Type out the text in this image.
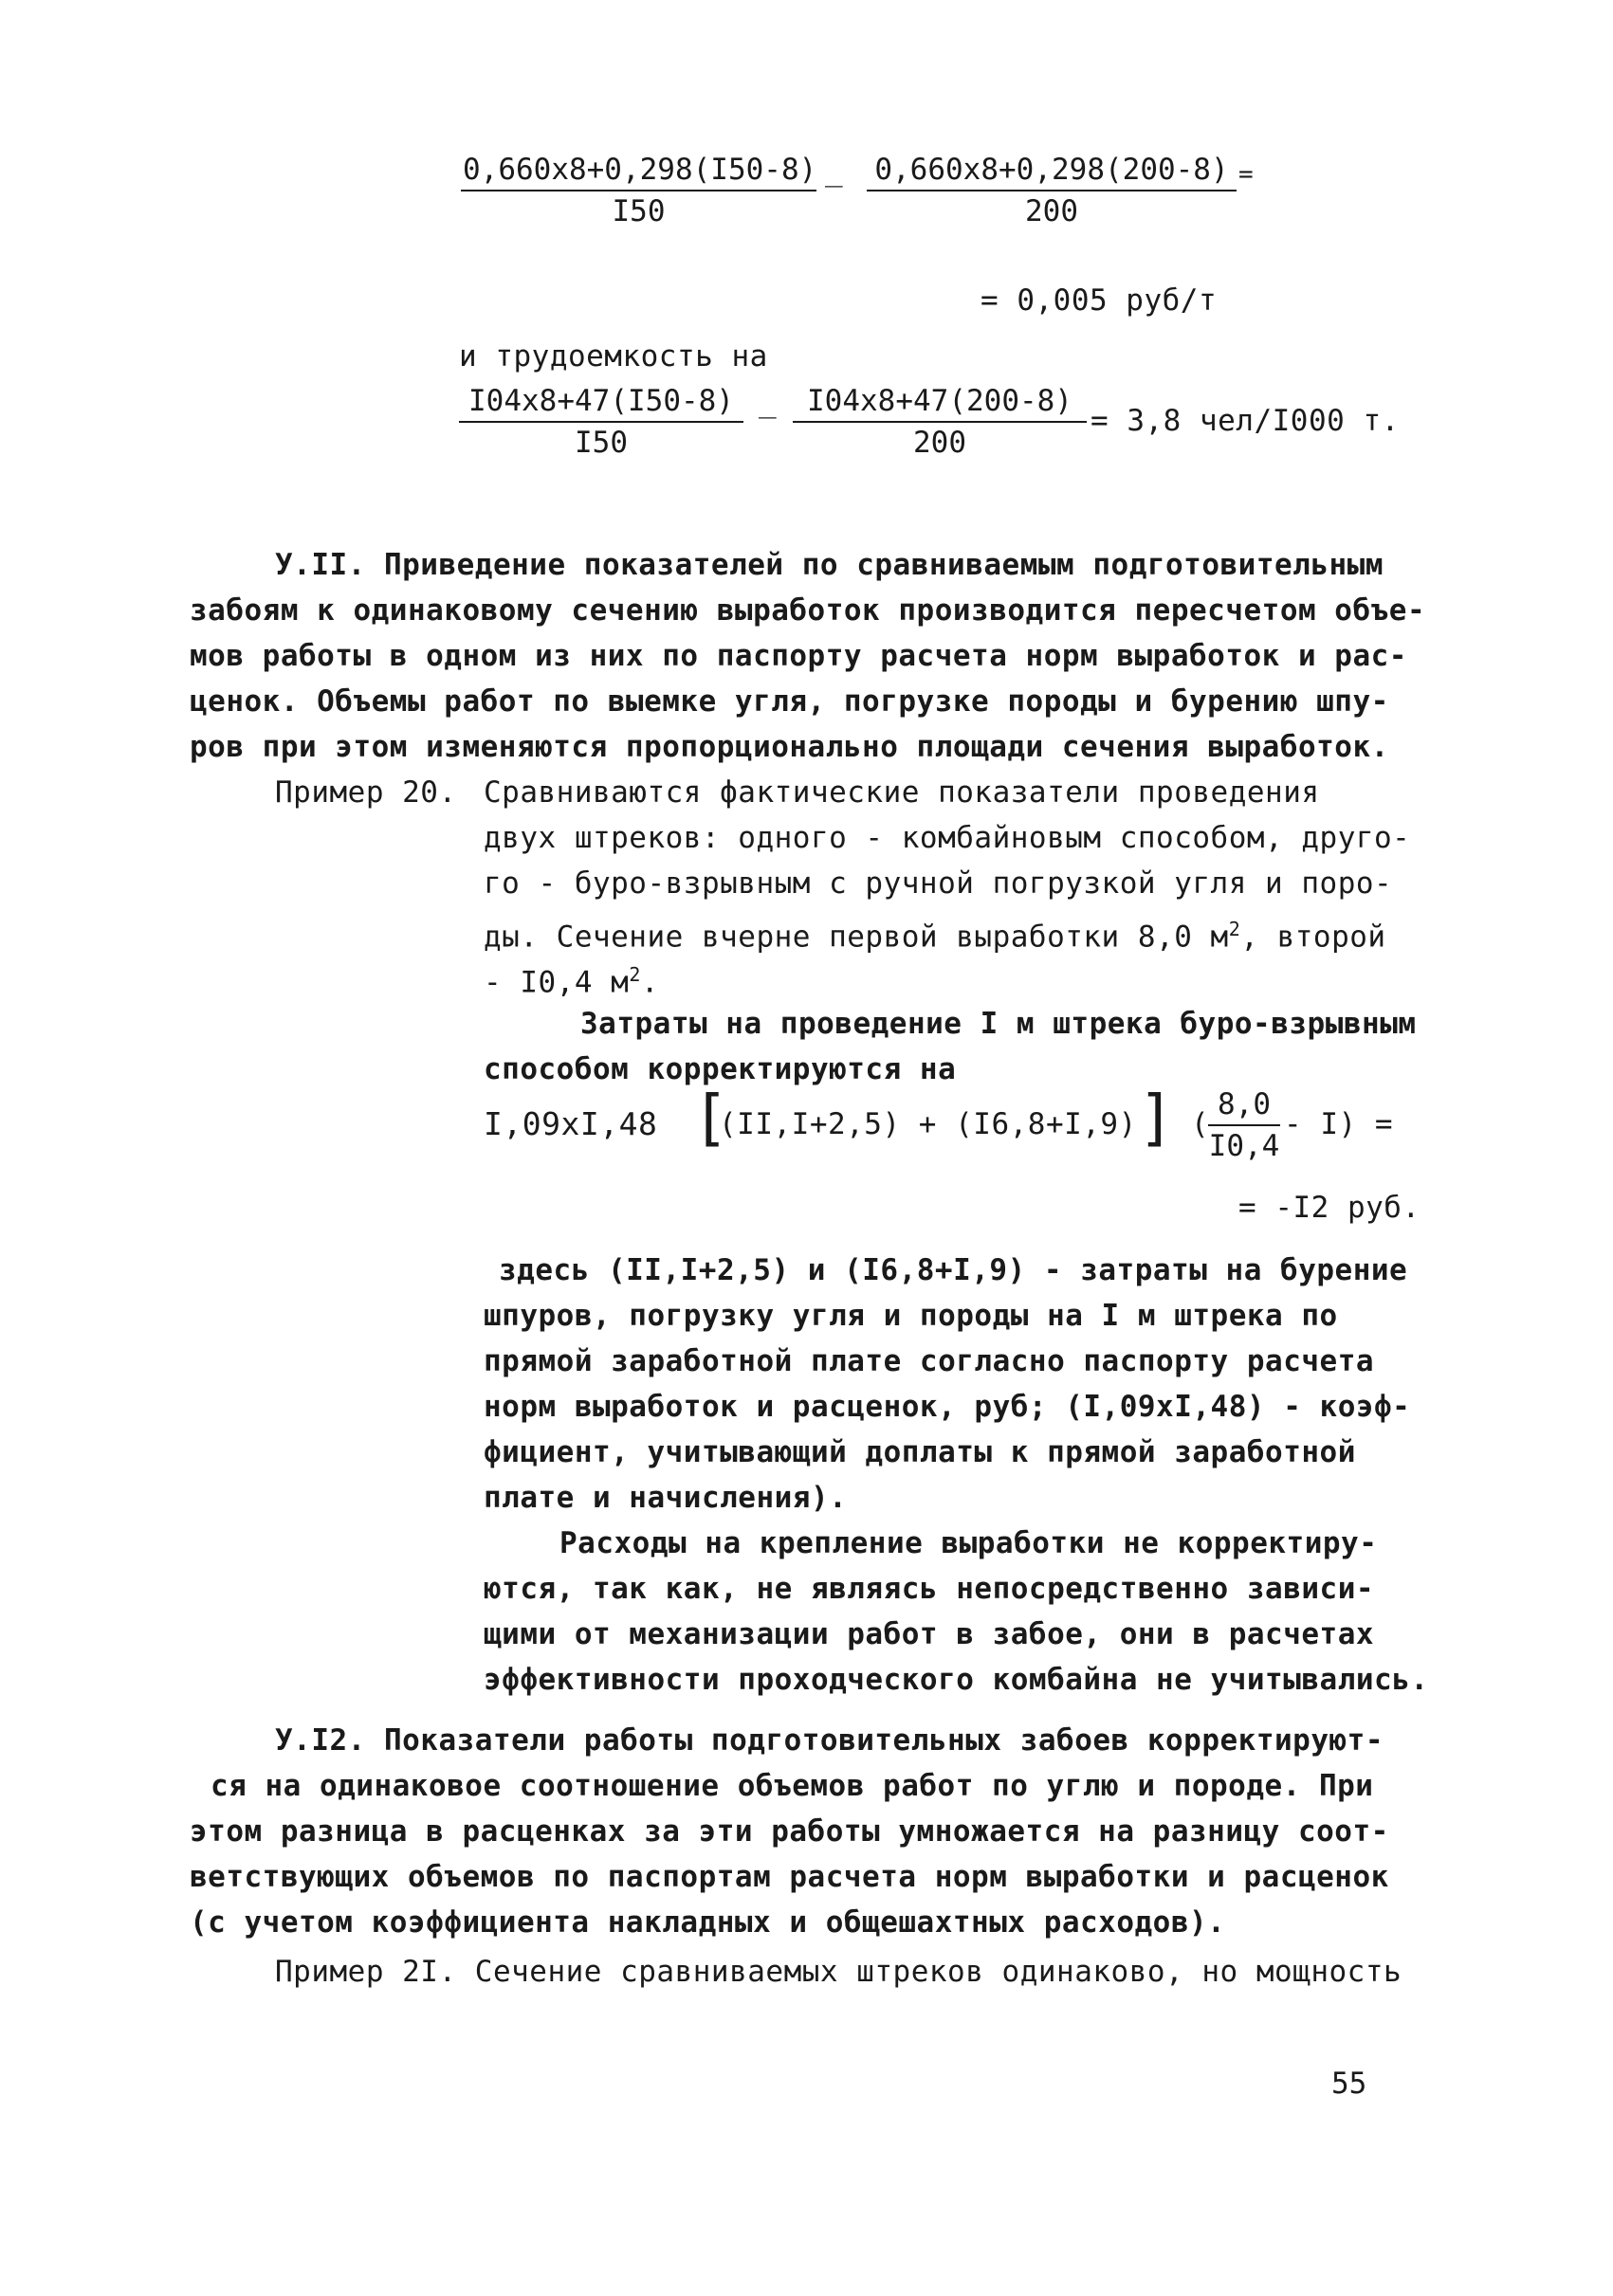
$\frac{0,660x8+0,298(I50-8)}{I50}$ _ $\frac{0,660x8+0,298(200-8)}{200}$ =
= 0,005 руб/т
и трудоемкость на
$\frac{I04x8+47(I50-8)}{I50}$ _ $\frac{I04x8+47(200-8)}{200} = 3,8$ чел/I000 т.
У.II. Приведение показателей по сравниваемым подготовительным
забоям к одинаковому сечению выработок производится пересчетом объе-
мов работы в одном из них по паспорту расчета норм выработок и рас-
ценок. Объемы работ по выемке угля, погрузке породы и бурению шпу-
ров при этом изменяются пропорционально площади сечения выработок.
Пример 20. Сравниваются фактические показатели проведения
двух штреков: одного - комбайновым способом, друго-
го - буро-взрывным с ручной погрузкой угля и поро-
ды. Сечение вчерне первой выработки 8,0 $м^2$, второй
- I0,4 $м^2$.
Затраты на проведение I м штрека буро-взрывным
способом корректируются на
I,09xI,48 [
(II,I+2,5) + (I6,8+I,9) ] (
$\frac{8,0}{I0,4} - I$) =
= -I2 руб.
здесь (II,I+2,5) и (I6,8+I,9) - затраты на бурение
шпуров, погрузку угля и породы на I м штрека по
прямой заработной плате согласно паспорту расчета
норм выработок и расценок, руб; (I,09xI,48) - коэф-
фициент, учитывающий доплаты к прямой заработной
плате и начисления).
Расходы на крепление выработки не корректиру-
ются, так как, не являясь непосредственно зависи-
щими от механизации работ в забое, они в расчетах
эффективности проходческого комбайна не учитывались.
У.I2. Показатели работы подготовительных забоев корректируют-
ся на одинаковое соотношение объемов работ по углю и породе. При
этом разница в расценках за эти работы умножается на разницу соот-
ветствующих объемов по паспортам расчета норм выработки и расценок
(с учетом коэффициента накладных и общешахтных расходов).
Пример 2I. Сечение сравниваемых штреков одинаково, но мощность
55
